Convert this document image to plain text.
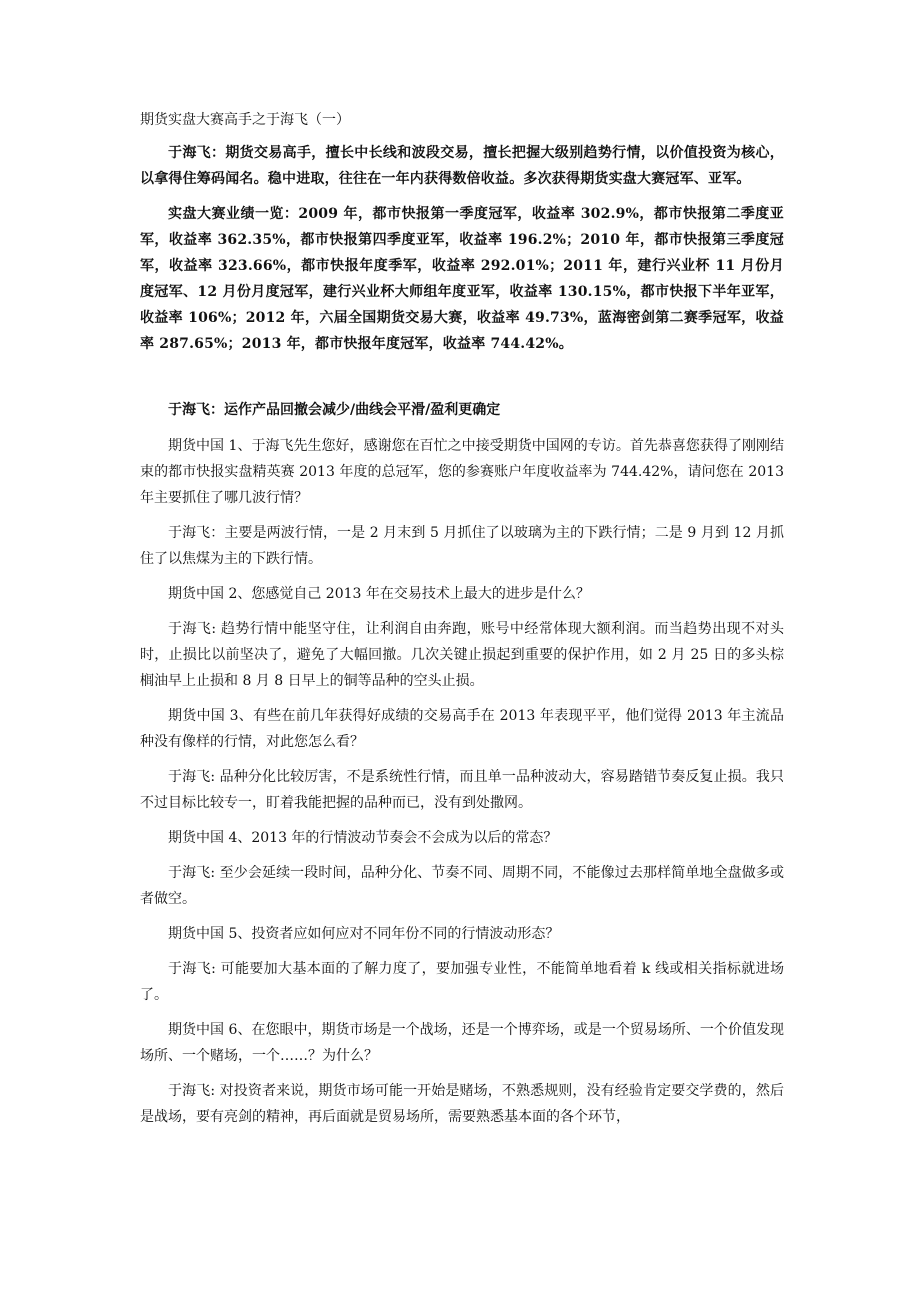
期货实盘大赛高手之于海飞（一）

于海飞：期货交易高手，擅长中长线和波段交易，擅长把握大级别趋势行情，以价值投资为核心，以拿得住筹码闻名。稳中进取，往往在一年内获得数倍收益。多次获得期货实盘大赛冠军、亚军。

实盘大赛业绩一览：2009 年，都市快报第一季度冠军，收益率 302.9%，都市快报第二季度亚军，收益率 362.35%，都市快报第四季度亚军，收益率 196.2%；2010 年，都市快报第三季度冠军，收益率 323.66%，都市快报年度季军，收益率 292.01%；2011 年，建行兴业杯 11 月份月度冠军、12 月份月度冠军，建行兴业杯大师组年度亚军，收益率 130.15%，都市快报下半年亚军，收益率 106%；2012 年，六届全国期货交易大赛，收益率 49.73%，蓝海密剑第二赛季冠军，收益率 287.65%；2013 年，都市快报年度冠军，收益率 744.42%。

于海飞：运作产品回撤会减少/曲线会平滑/盈利更确定

期货中国 1、于海飞先生您好，感谢您在百忙之中接受期货中国网的专访。首先恭喜您获得了刚刚结束的都市快报实盘精英赛 2013 年度的总冠军，您的参赛账户年度收益率为 744.42%，请问您在 2013 年主要抓住了哪几波行情？

于海飞：主要是两波行情，一是 2 月末到 5 月抓住了以玻璃为主的下跌行情；二是 9 月到 12 月抓住了以焦煤为主的下跌行情。

期货中国 2、您感觉自己 2013 年在交易技术上最大的进步是什么？

于海飞: 趋势行情中能坚守住，让利润自由奔跑，账号中经常体现大额利润。而当趋势出现不对头时，止损比以前坚决了，避免了大幅回撤。几次关键止损起到重要的保护作用，如 2 月 25 日的多头棕榈油早上止损和 8 月 8 日早上的铜等品种的空头止损。

期货中国 3、有些在前几年获得好成绩的交易高手在 2013 年表现平平，他们觉得 2013 年主流品种没有像样的行情，对此您怎么看？

于海飞: 品种分化比较厉害，不是系统性行情，而且单一品种波动大，容易踏错节奏反复止损。我只不过目标比较专一，盯着我能把握的品种而已，没有到处撒网。

期货中国 4、2013 年的行情波动节奏会不会成为以后的常态？

于海飞: 至少会延续一段时间，品种分化、节奏不同、周期不同，不能像过去那样简单地全盘做多或者做空。

期货中国 5、投资者应如何应对不同年份不同的行情波动形态？

于海飞: 可能要加大基本面的了解力度了，要加强专业性，不能简单地看着 k 线或相关指标就进场了。

期货中国 6、在您眼中，期货市场是一个战场，还是一个博弈场，或是一个贸易场所、一个价值发现场所、一个赌场，一个……？为什么？

于海飞: 对投资者来说，期货市场可能一开始是赌场，不熟悉规则，没有经验肯定要交学费的，然后是战场，要有亮剑的精神，再后面就是贸易场所，需要熟悉基本面的各个环节，
